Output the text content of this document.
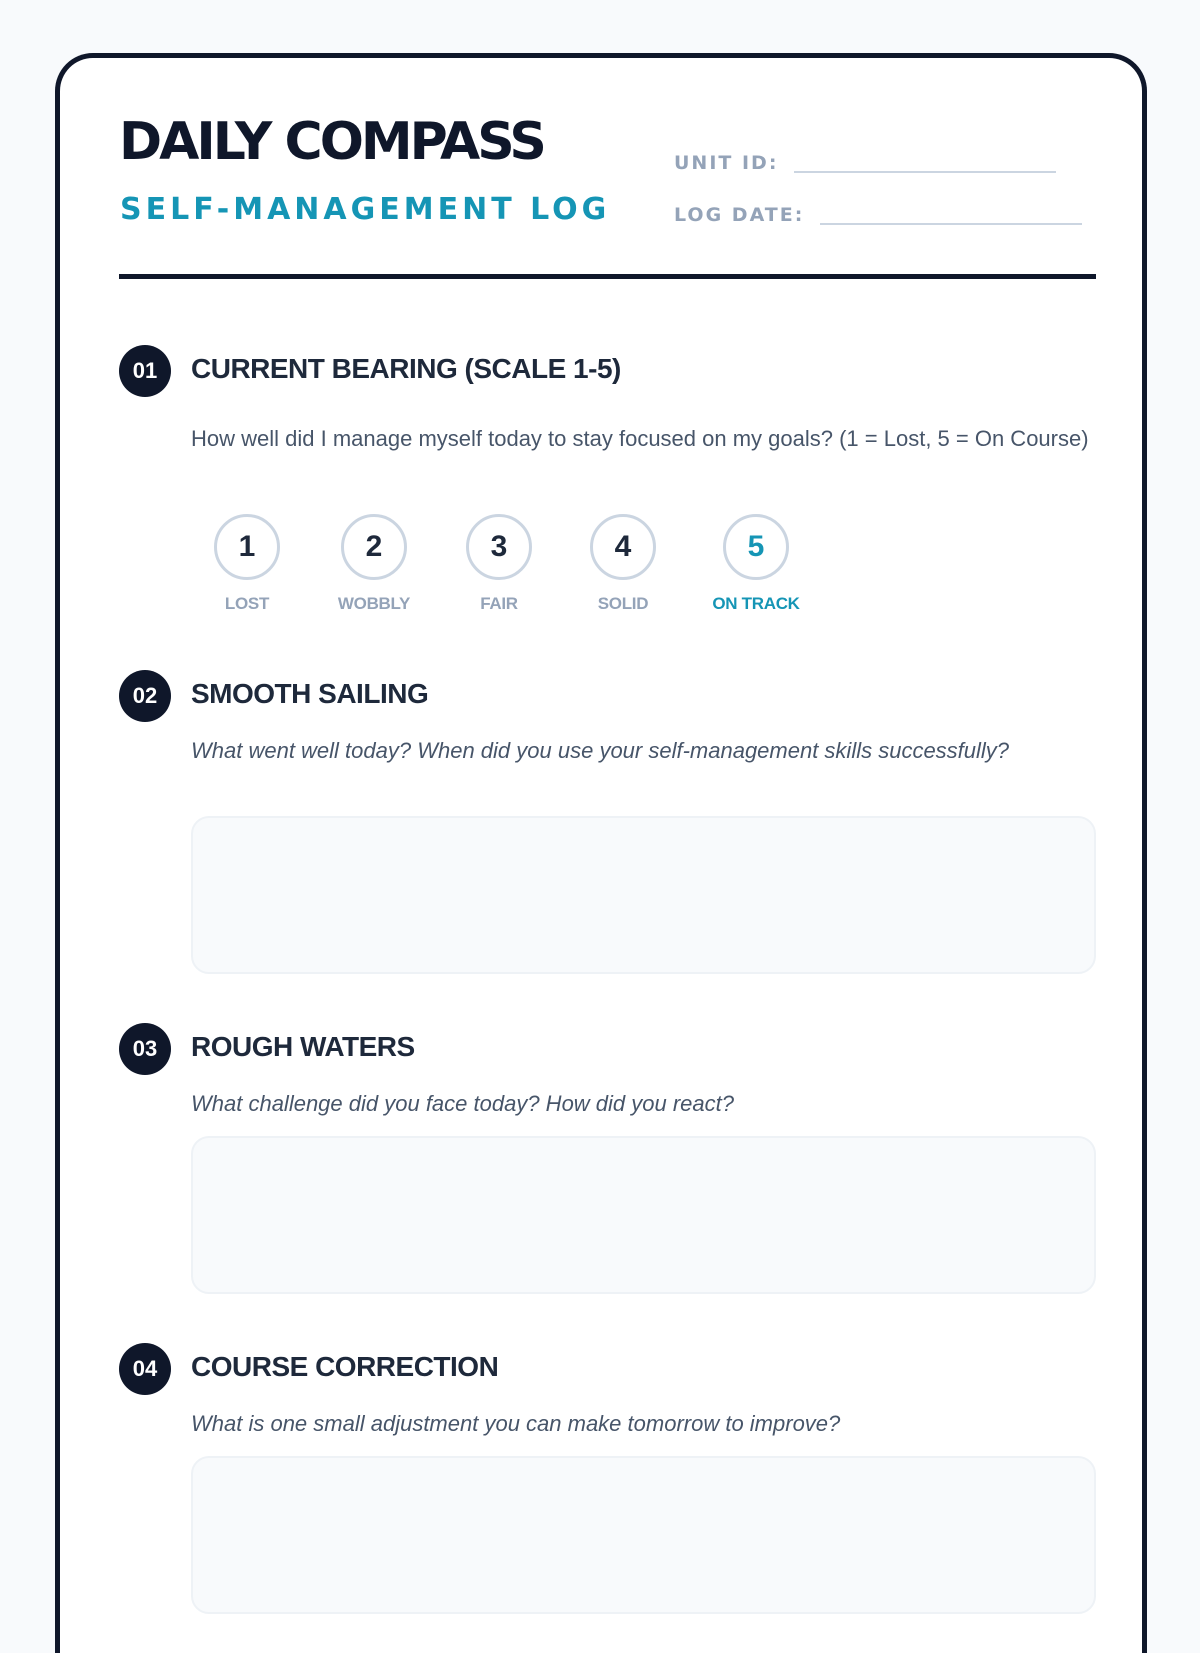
DAILY COMPASS
SELF-MANAGEMENT LOG
UNIT ID:
LOG DATE:
01	CURRENT BEARING (SCALE 1-5)
How well did I manage myself today to stay focused on my goals? (1 = Lost, 5 = On Course)
1
LOST
2
WOBBLY
3
FAIR
4
SOLID
5
ON TRACK
02	SMOOTH SAILING
What went well today? When did you use your self-management skills successfully?
03	ROUGH WATERS
What challenge did you face today? How did you react?
04	COURSE CORRECTION
What is one small adjustment you can make tomorrow to improve?
